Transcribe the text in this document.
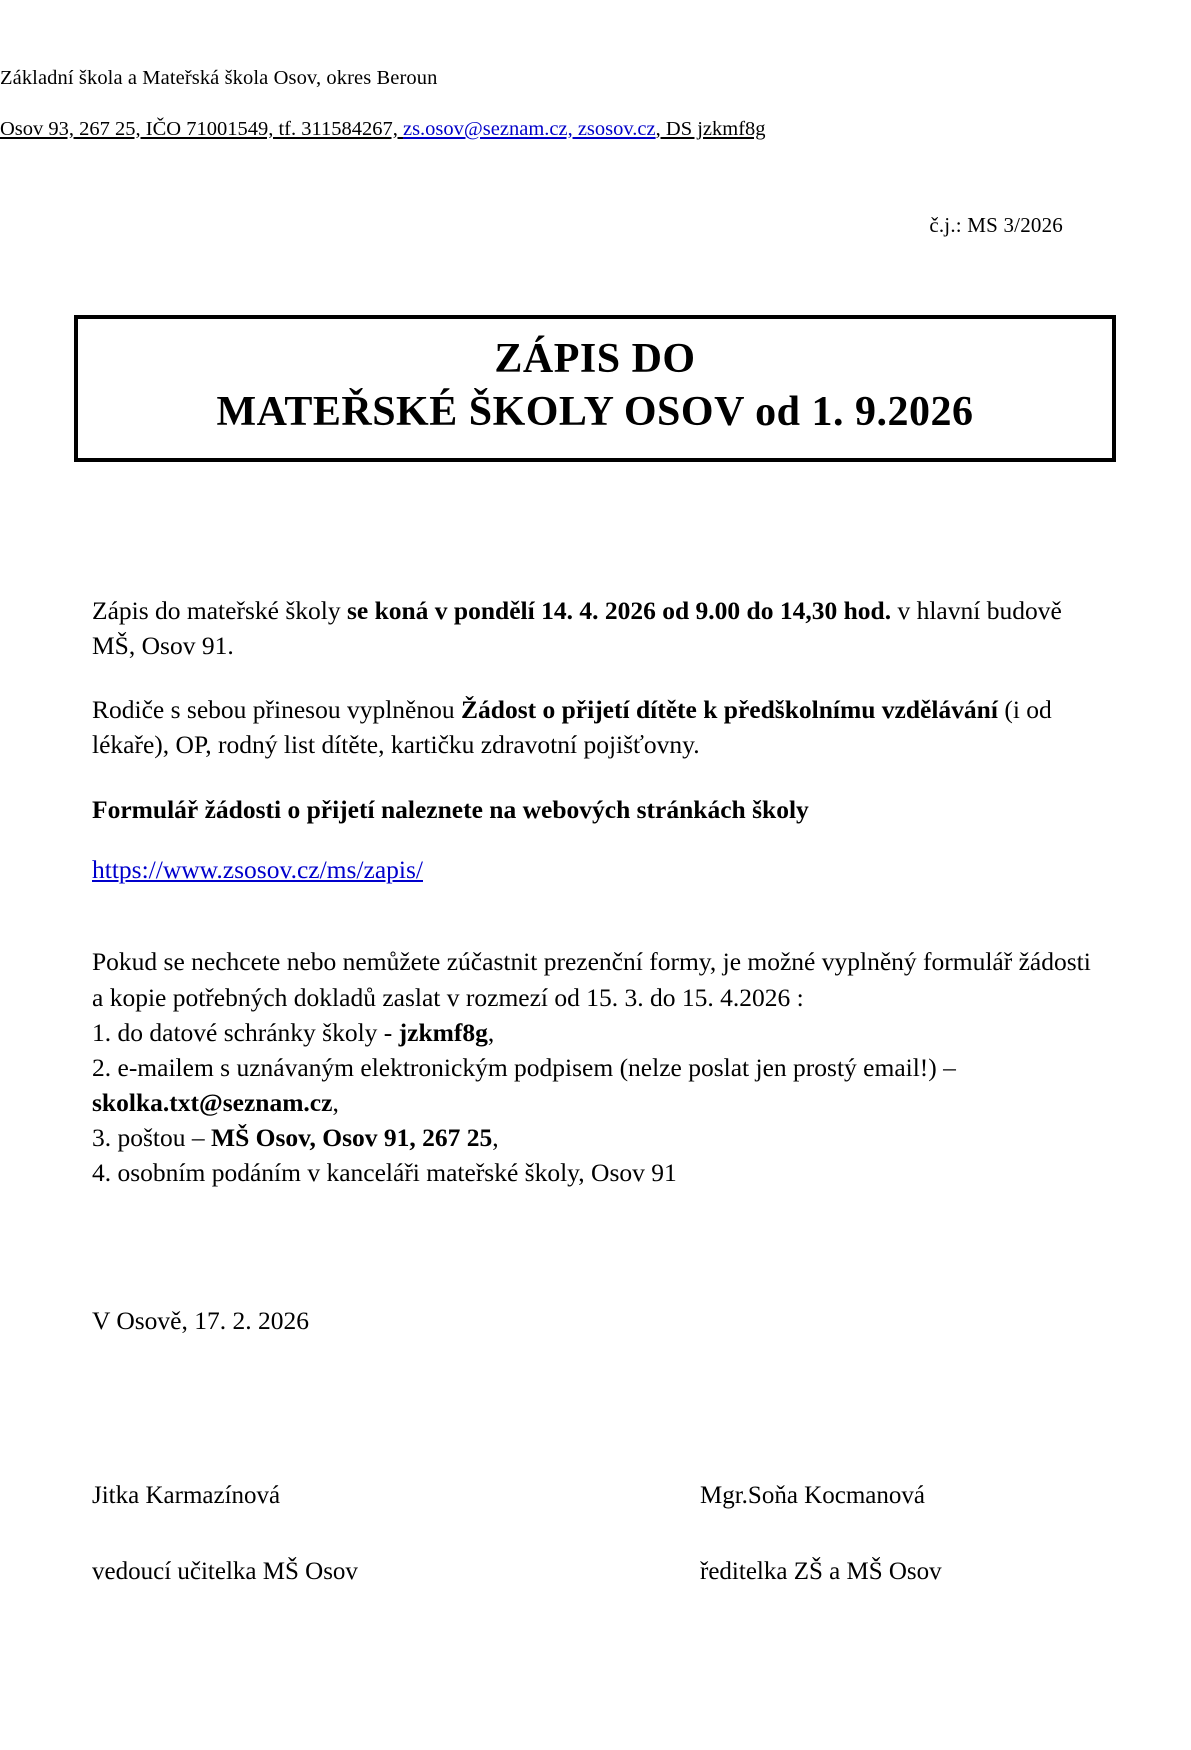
Základní škola a Mateřská škola Osov, okres Beroun
Osov 93, 267 25, IČO 71001549, tf. 311584267, zs.osov@seznam.cz, zsosov.cz, DS jzkmf8g
č.j.: MS 3/2026
ZÁPIS DO
MATEŘSKÉ ŠKOLY OSOV od 1. 9.2026

Zápis do mateřské školy se koná v pondělí 14. 4. 2026 od 9.00 do 14,30 hod. v hlavní budově MŠ, Osov 91.

Rodiče s sebou přinesou vyplněnou Žádost o přijetí dítěte k předškolnímu vzdělávání (i od lékaře), OP, rodný list dítěte, kartičku zdravotní pojišťovny.

Formulář žádosti o přijetí naleznete na webových stránkách školy

https://www.zsosov.cz/ms/zapis/

Pokud se nechcete nebo nemůžete zúčastnit prezenční formy, je možné vyplněný formulář žádosti a kopie potřebných dokladů zaslat v rozmezí od 15. 3. do 15. 4.2026 :

1. do datové schránky školy - jzkmf8g,

2. e-mailem s uznávaným elektronickým podpisem (nelze poslat jen prostý email!) –
skolka.txt@seznam.cz,

3. poštou – MŠ Osov, Osov 91, 267 25,

4. osobním podáním v kanceláři mateřské školy, Osov 91

V Osově, 17. 2. 2026

Jitka Karmazínová	Mgr.Soňa Kocmanová
vedoucí učitelka MŠ Osov	ředitelka ZŠ a MŠ Osov
